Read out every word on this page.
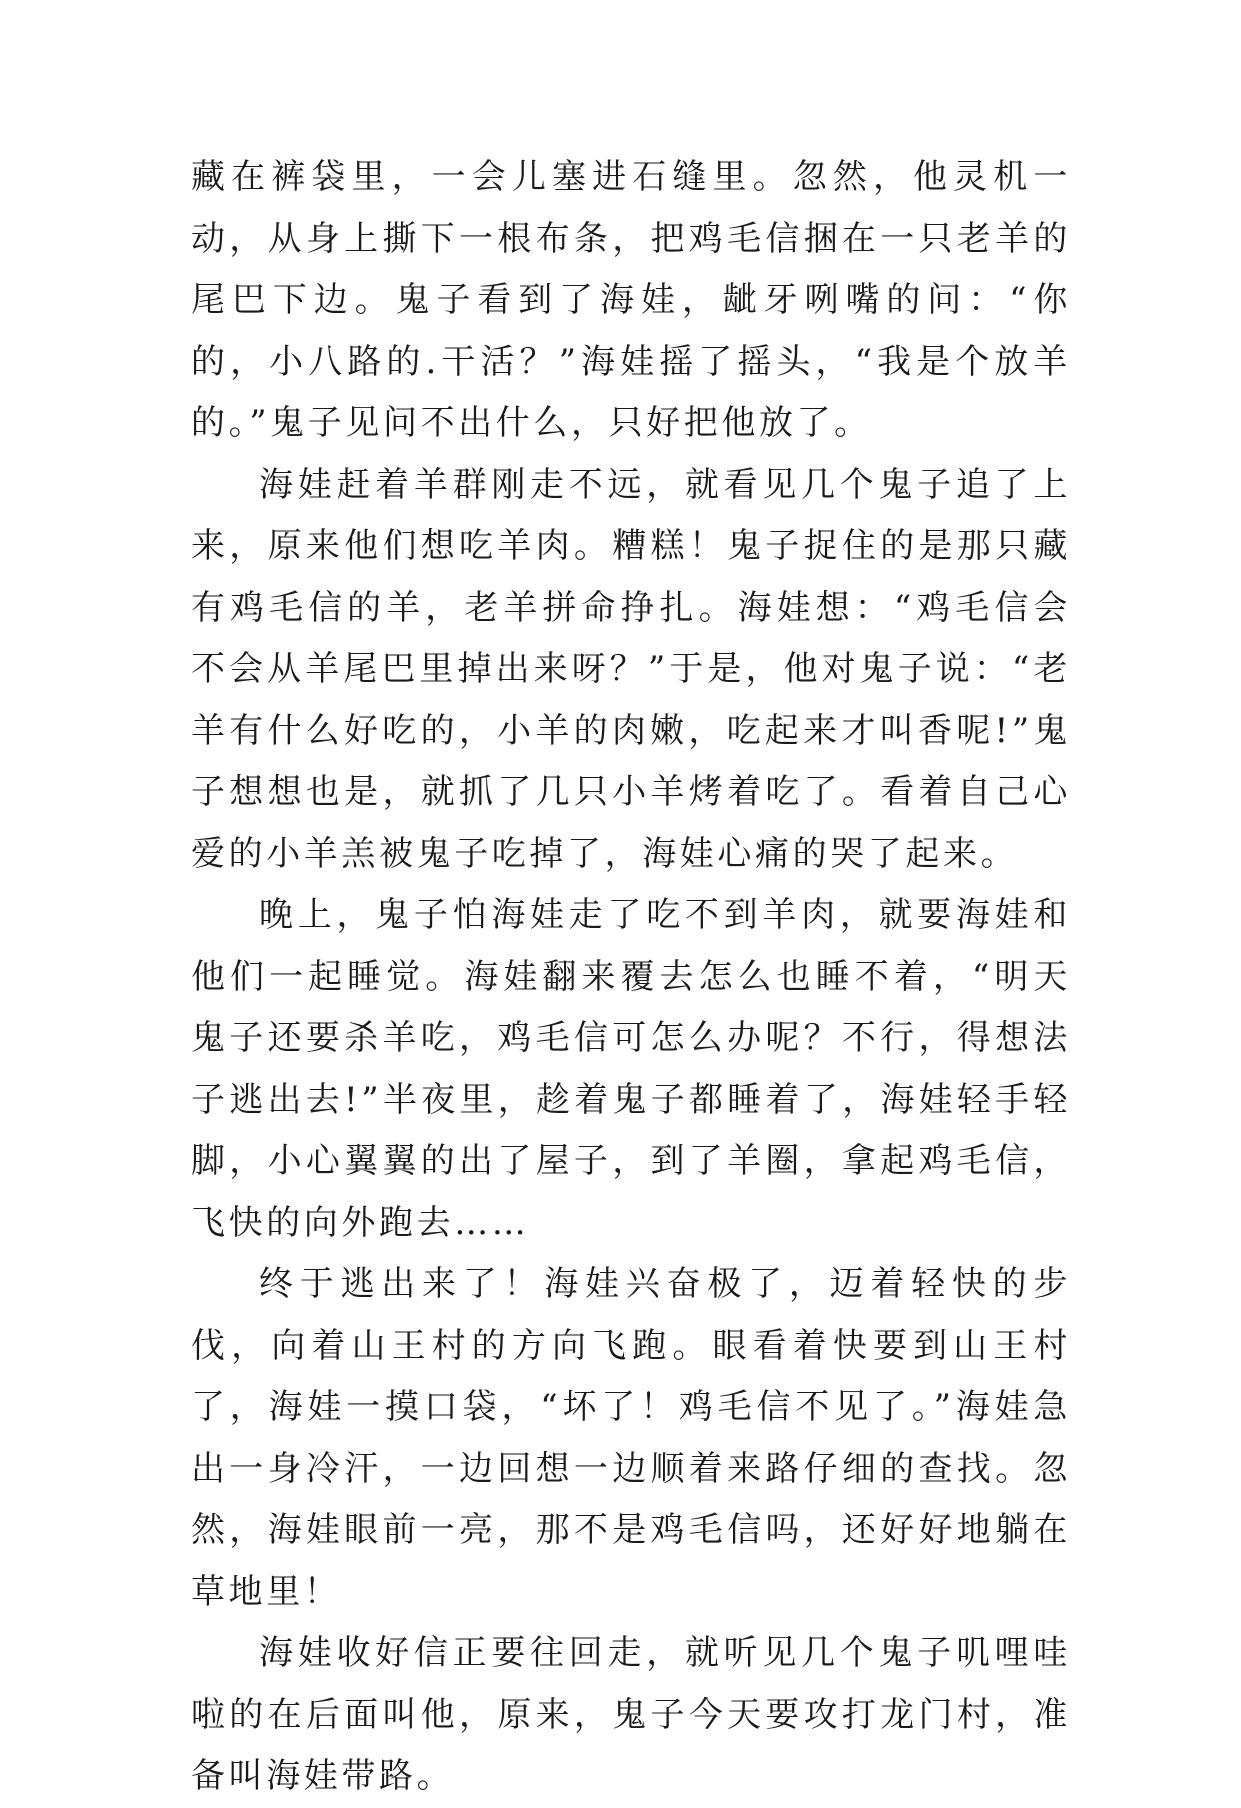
藏在裤袋里，一会儿塞进石缝里。忽然，他灵机一动，从身上撕下一根布条，把鸡毛信捆在一只老羊的尾巴下边。鬼子看到了海娃，龇牙咧嘴的问：“你的，小八路的.干活？”海娃摇了摇头，“我是个放羊的。”鬼子见问不出什么，只好把他放了。

海娃赶着羊群刚走不远，就看见几个鬼子追了上来，原来他们想吃羊肉。糟糕！鬼子捉住的是那只藏有鸡毛信的羊，老羊拼命挣扎。海娃想：“鸡毛信会不会从羊尾巴里掉出来呀？”于是，他对鬼子说：“老羊有什么好吃的，小羊的肉嫩，吃起来才叫香呢!”鬼子想想也是，就抓了几只小羊烤着吃了。看着自己心爱的小羊羔被鬼子吃掉了，海娃心痛的哭了起来。

晚上，鬼子怕海娃走了吃不到羊肉，就要海娃和他们一起睡觉。海娃翻来覆去怎么也睡不着，“明天鬼子还要杀羊吃，鸡毛信可怎么办呢？不行，得想法子逃出去!”半夜里，趁着鬼子都睡着了，海娃轻手轻脚，小心翼翼的出了屋子，到了羊圈，拿起鸡毛信，飞快的向外跑去……

终于逃出来了！海娃兴奋极了，迈着轻快的步伐，向着山王村的方向飞跑。眼看着快要到山王村了，海娃一摸口袋，“坏了！鸡毛信不见了。”海娃急出一身冷汗，一边回想一边顺着来路仔细的查找。忽然，海娃眼前一亮，那不是鸡毛信吗，还好好地躺在草地里！

海娃收好信正要往回走，就听见几个鬼子叽哩哇啦的在后面叫他，原来，鬼子今天要攻打龙门村，准备叫海娃带路。
